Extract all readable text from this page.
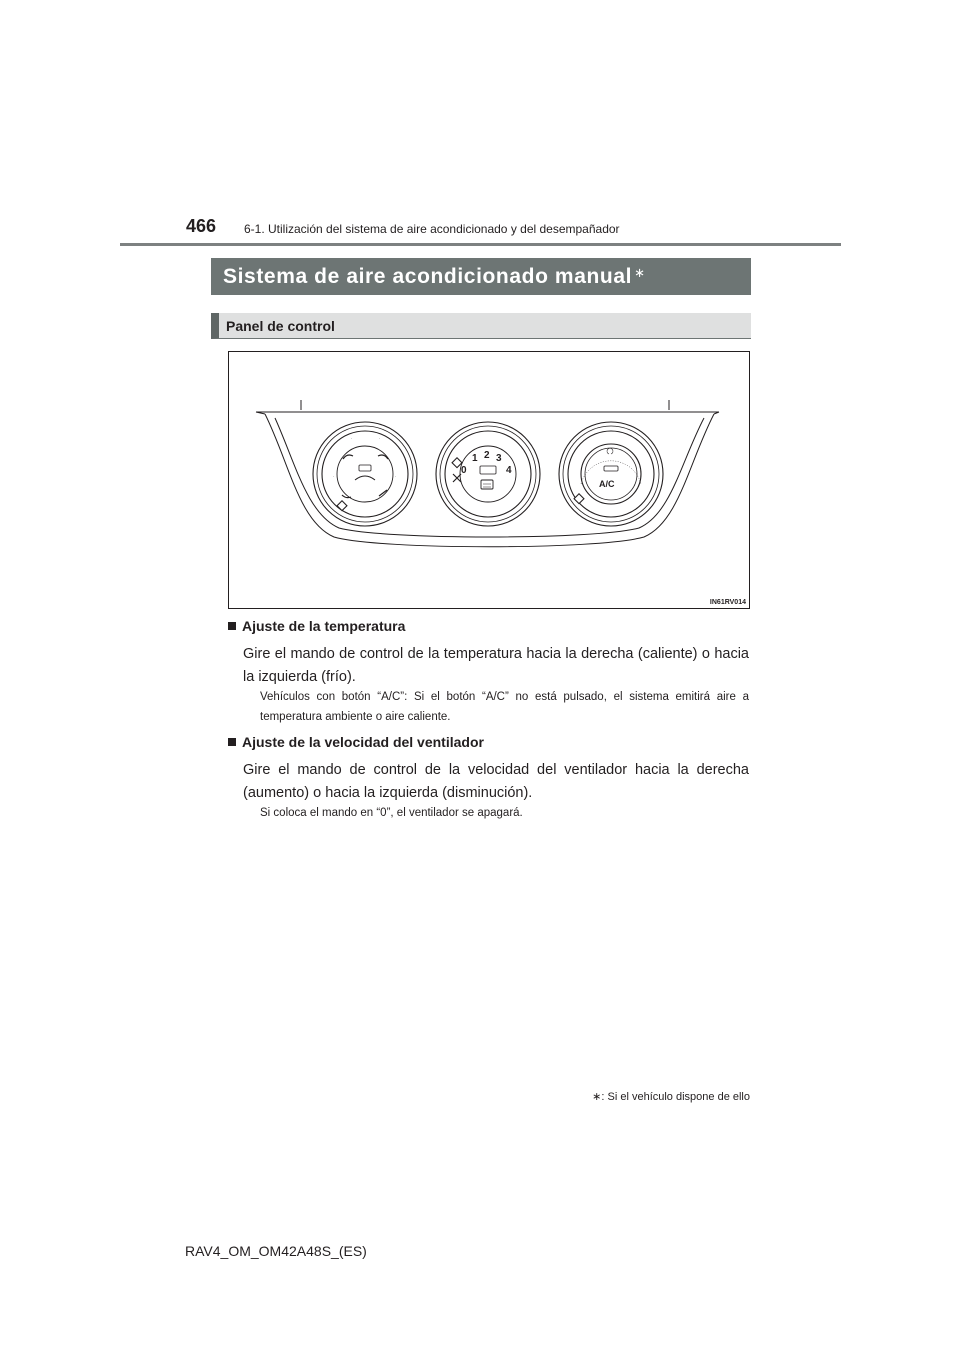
466 6-1. Utilización del sistema de aire acondicionado y del desempañador
Sistema de aire acondicionado manual ∗
Panel de control
·	·
·	·
0
1 2 3
4
A/C
IN61RV014
Ajuste de la temperatura
Gire el mando de control de la temperatura hacia la derecha (caliente) o hacia la izquierda (frío).
Vehículos con botón “A/C”: Si el botón “A/C” no está pulsado, el sistema emitirá aire a temperatura ambiente o aire caliente.
Ajuste de la velocidad del ventilador
Gire el mando de control de la velocidad del ventilador hacia la derecha (aumento) o hacia la izquierda (disminución).
Si coloca el mando en “0”, el ventilador se apagará.
∗: Si el vehículo dispone de ello
RAV4_OM_OM42A48S_(ES)
